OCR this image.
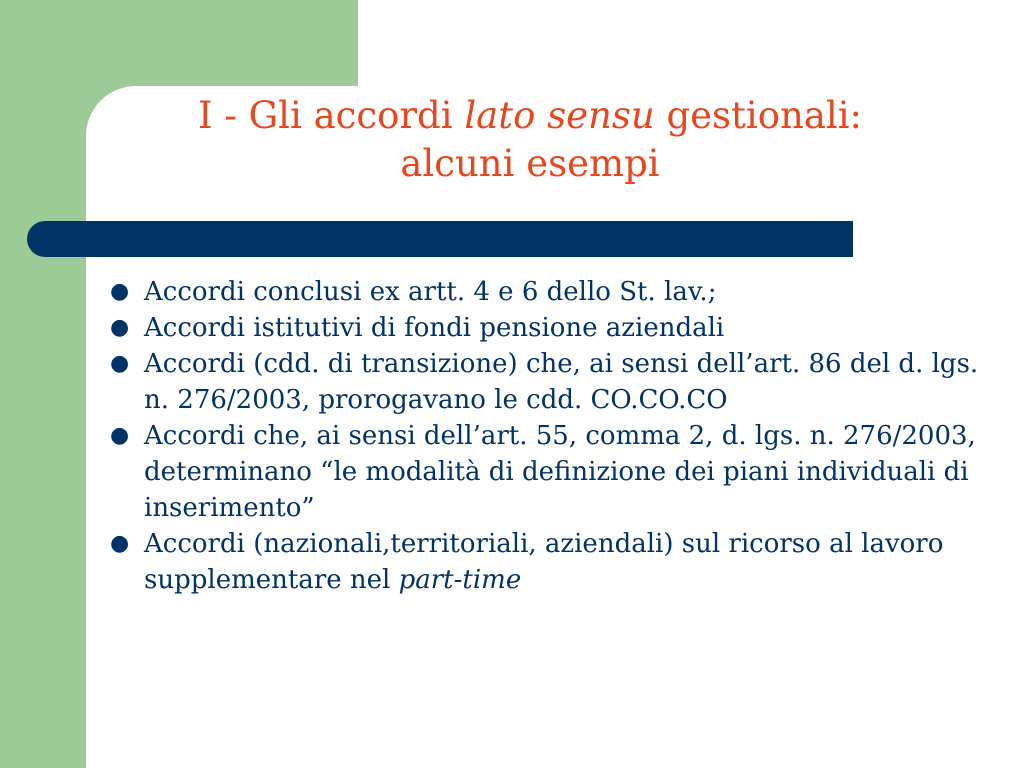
I - Gli accordi lato sensu gestionali:
alcuni esempi
● Accordi conclusi ex artt. 4 e 6 dello St. lav.;
● Accordi istitutivi di fondi pensione aziendali
● Accordi (cdd. di transizione) che, ai sensi dell’art. 86 del d. lgs. n. 276/2003, prorogavano le cdd. CO.CO.CO
● Accordi che, ai sensi dell’art. 55, comma 2, d. lgs. n. 276/2003, determinano “le modalità di definizione dei piani individuali di inserimento”
● Accordi (nazionali,territoriali, aziendali) sul ricorso al lavoro supplementare nel part-time
